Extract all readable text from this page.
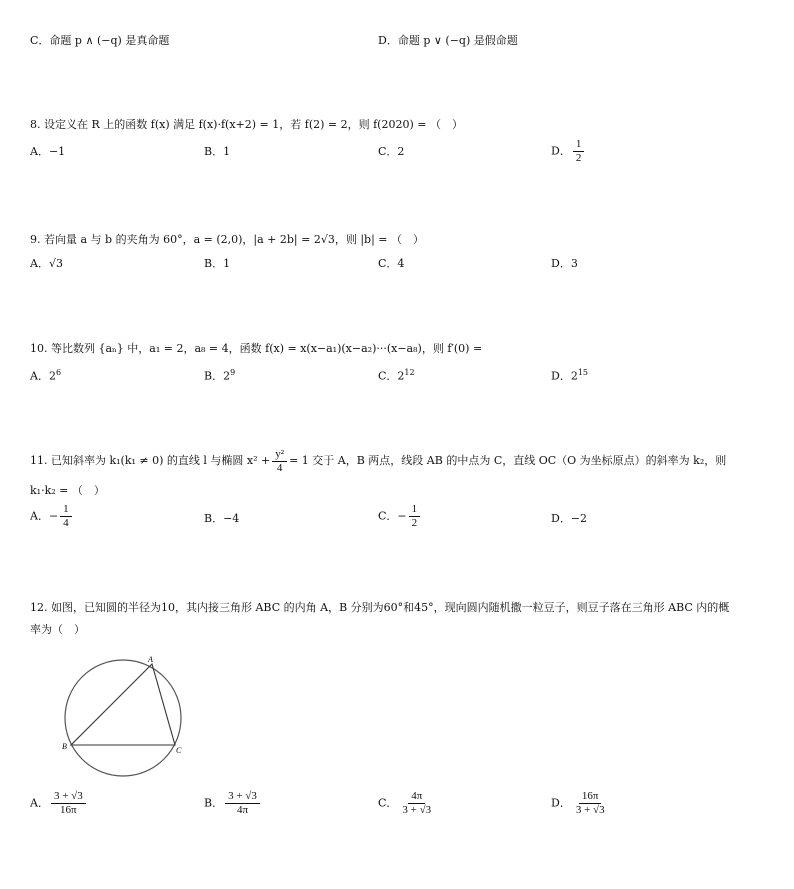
C．命题 p ∧ (−q) 是真命题	D．命题 p ∨ (−q) 是假命题
8. 设定义在 R 上的函数 f(x) 满足 f(x)·f(x+2) = 1，若 f(2) = 2，则 f(2020) = （　）
A．−1	B．1	C．2	D． $\frac{1}{2}$
9. 若向量 a 与 b 的夹角为 60°，a = (2,0)，|a + 2b| = 2√3，则 |b| = （　）
A．√3	B．1	C．4	D．3
10. 等比数列 {aₙ} 中，a₁ = 2，a₈ = 4，函数 f(x) = x(x−a₁)(x−a₂)···(x−a₈)，则 f′(0) =
A．$2^6$	B．$2^9$	C．$2^{12}$	D．$2^{15}$
11. 已知斜率为 k₁(k₁ ≠ 0) 的直线 l 与椭圆 $x^2 + \frac{\text{y²}}{4} = 1$ 交于 A，B 两点，线段 AB 的中点为 C，直线 OC（O 为坐标原点）的斜率为 k₂，则
k₁·k₂ = （　）
A．− $\frac{1}{4}$	B．−4	C．− $\frac{1}{2}$	D．−2
12. 如图，已知圆的半径为10，其内接三角形 ABC 的内角 A，B 分别为60°和45°，现向圆内随机撒一粒豆子，则豆子落在三角形 ABC 内的概
率为（　）
A
B	C
A． $\frac{3 + √3}{16\pi}$	B． $\frac{3 + √3}{4\pi}$	C． $\frac{4\pi}{3 + √3}$	D． $\frac{16\pi}{3 + √3}$
